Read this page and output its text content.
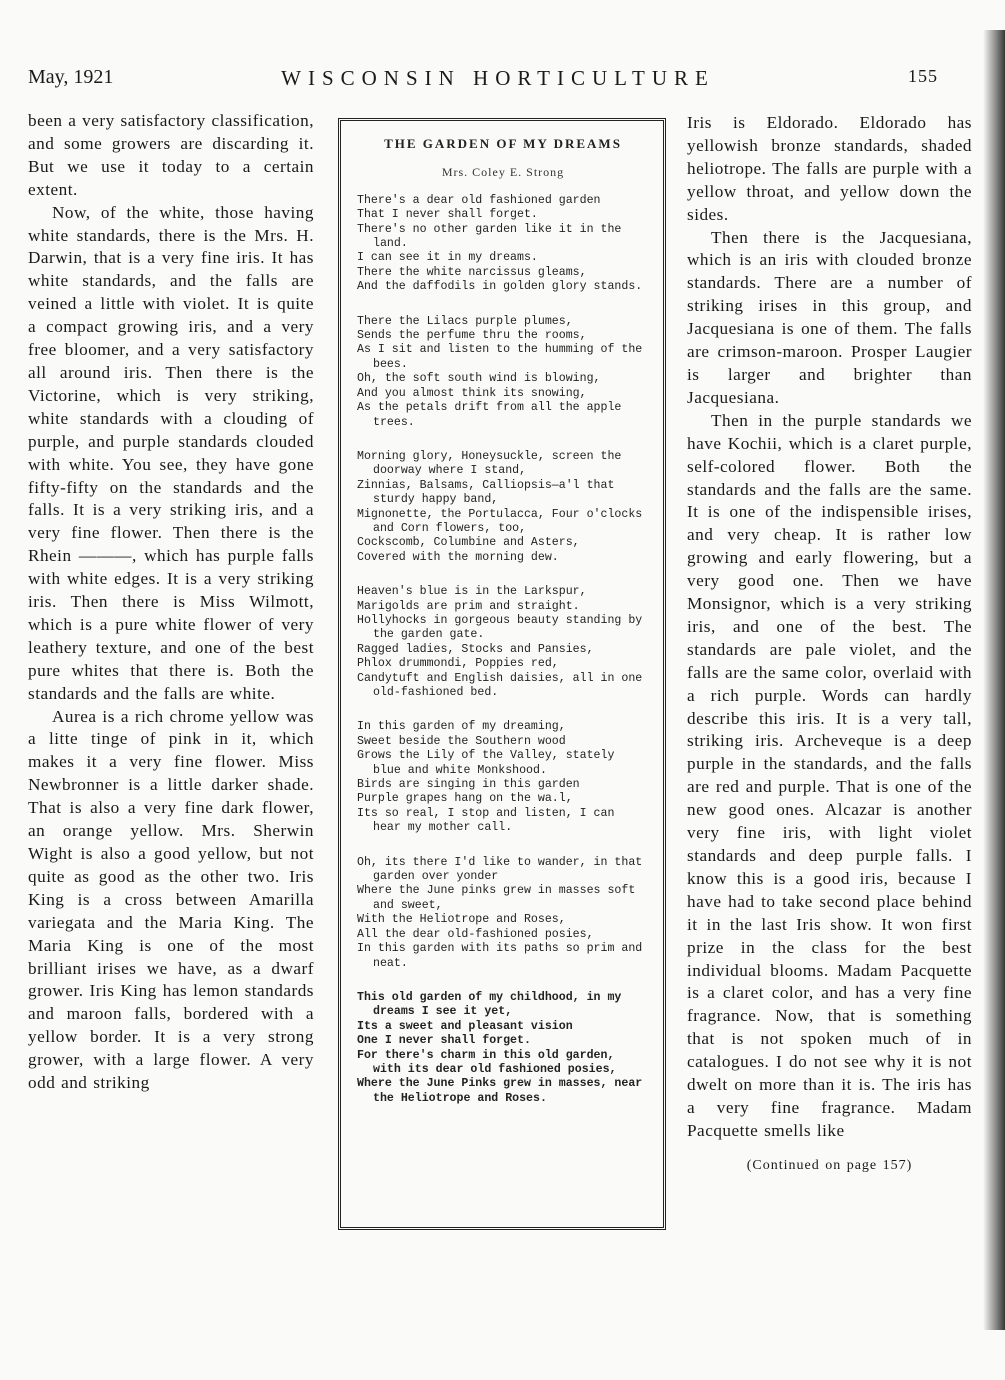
May, 1921	WISCONSIN HORTICULTURE	155

been a very satisfactory classification, and some growers are discarding it. But we use it today to a certain extent.

Now, of the white, those having white standards, there is the Mrs. H. Darwin, that is a very fine iris. It has white standards, and the falls are veined a little with violet. It is quite a compact growing iris, and a very free bloomer, and a very satisfactory all around iris. Then there is the Victorine, which is very striking, white standards with a clouding of purple, and purple standards clouded with white. You see, they have gone fifty-fifty on the standards and the falls. It is a very striking iris, and a very fine flower. Then there is the Rhein ———, which has purple falls with white edges. It is a very striking iris. Then there is Miss Wilmott, which is a pure white flower of very leathery texture, and one of the best pure whites that there is. Both the standards and the falls are white.

Aurea is a rich chrome yellow was a litte tinge of pink in it, which makes it a very fine flower. Miss Newbronner is a little darker shade. That is also a very fine dark flower, an orange yellow. Mrs. Sherwin Wight is also a good yellow, but not quite as good as the other two. Iris King is a cross between Amarilla variegata and the Maria King. The Maria King is one of the most brilliant irises we have, as a dwarf grower. Iris King has lemon standards and maroon falls, bordered with a yellow border. It is a very strong grower, with a large flower. A very odd and striking

THE GARDEN OF MY DREAMS
Mrs. Coley E. Strong
There's a dear old fashioned garden
That I never shall forget.
There's no other garden like it in the land.
I can see it in my dreams.
There the white narcissus gleams,
And the daffodils in golden glory stands.
There the Lilacs purple plumes,
Sends the perfume thru the rooms,
As I sit and listen to the humming of the bees.
Oh, the soft south wind is blowing,
And you almost think its snowing,
As the petals drift from all the apple trees.
Morning glory, Honeysuckle, screen the doorway where I stand,
Zinnias, Balsams, Calliopsis—a'l that sturdy happy band,
Mignonette, the Portulacca, Four o'clocks and Corn flowers, too,
Cockscomb, Columbine and Asters,
Covered with the morning dew.
Heaven's blue is in the Larkspur,
Marigolds are prim and straight.
Hollyhocks in gorgeous beauty standing by the garden gate.
Ragged ladies, Stocks and Pansies,
Phlox drummondi, Poppies red,
Candytuft and English daisies, all in one old-fashioned bed.
In this garden of my dreaming,
Sweet beside the Southern wood
Grows the Lily of the Valley, stately blue and white Monkshood.
Birds are singing in this garden
Purple grapes hang on the wa.l,
Its so real, I stop and listen, I can hear my mother call.
Oh, its there I'd like to wander, in that garden over yonder
Where the June pinks grew in masses soft and sweet,
With the Heliotrope and Roses,
All the dear old-fashioned posies,
In this garden with its paths so prim and neat.
This old garden of my childhood, in my dreams I see it yet,
Its a sweet and pleasant vision
One I never shall forget.
For there's charm in this old garden, with its dear old fashioned posies,
Where the June Pinks grew in masses, near the Heliotrope and Roses.

Iris is Eldorado. Eldorado has yellowish bronze standards, shaded heliotrope. The falls are purple with a yellow throat, and yellow down the sides.

Then there is the Jacquesiana, which is an iris with clouded bronze standards. There are a number of striking irises in this group, and Jacquesiana is one of them. The falls are crimson-maroon. Prosper Laugier is larger and brighter than Jacquesiana.

Then in the purple standards we have Kochii, which is a claret purple, self-colored flower. Both the standards and the falls are the same. It is one of the indispensible irises, and very cheap. It is rather low growing and early flowering, but a very good one. Then we have Monsignor, which is a very striking iris, and one of the best. The standards are pale violet, and the falls are the same color, overlaid with a rich purple. Words can hardly describe this iris. It is a very tall, striking iris. Archeveque is a deep purple in the standards, and the falls are red and purple. That is one of the new good ones. Alcazar is another very fine iris, with light violet standards and deep purple falls. I know this is a good iris, because I have had to take second place behind it in the last Iris show. It won first prize in the class for the best individual blooms. Madam Pacquette is a claret color, and has a very fine fragrance. Now, that is something that is not spoken much of in catalogues. I do not see why it is not dwelt on more than it is. The iris has a very fine fragrance. Madam Pacquette smells like

(Continued on page 157)
